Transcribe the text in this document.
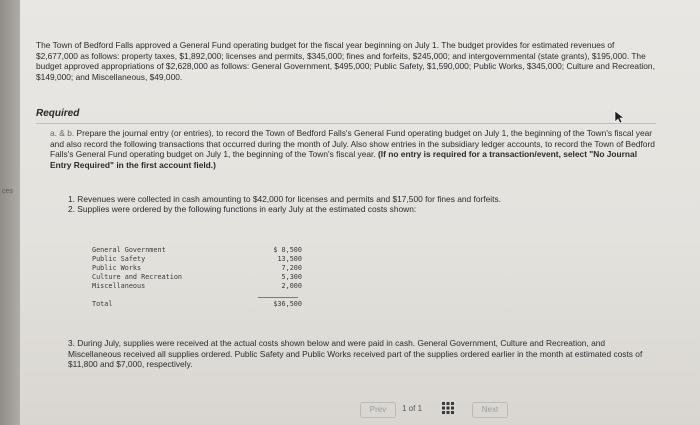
ces

The Town of Bedford Falls approved a General Fund operating budget for the fiscal year beginning on July 1. The budget provides for estimated revenues of $2,677,000 as follows: property taxes, $1,892,000; licenses and permits, $345,000; fines and forfeits, $245,000; and intergovernmental (state grants), $195,000. The budget approved appropriations of $2,628,000 as follows: General Government, $495,000; Public Safety, $1,590,000; Public Works, $345,000; Culture and Recreation, $149,000; and Miscellaneous, $49,000.

Required
a. & b. Prepare the journal entry (or entries), to record the Town of Bedford Falls's General Fund operating budget on July 1, the beginning of the Town's fiscal year and also record the following transactions that occurred during the month of July. Also show entries in the subsidiary ledger accounts, to record the Town of Bedford Falls's General Fund operating budget on July 1, the beginning of the Town's fiscal year. (If no entry is required for a transaction/event, select "No Journal Entry Required" in the first account field.)

1. Revenues were collected in cash amounting to $42,000 for licenses and permits and $17,500 for fines and forfeits.

2. Supplies were ordered by the following functions in early July at the estimated costs shown:

General Government	$ 8,500
Public Safety	13,500
Public Works	7,200
Culture and Recreation	5,300
Miscellaneous	2,000
Total	$36,500
3. During July, supplies were received at the actual costs shown below and were paid in cash. General Government, Culture and Recreation, and Miscellaneous received all supplies ordered. Public Safety and Public Works received part of the supplies ordered earlier in the month at estimated costs of $11,800 and $7,000, respectively.
Prev	1 of 1	Next
